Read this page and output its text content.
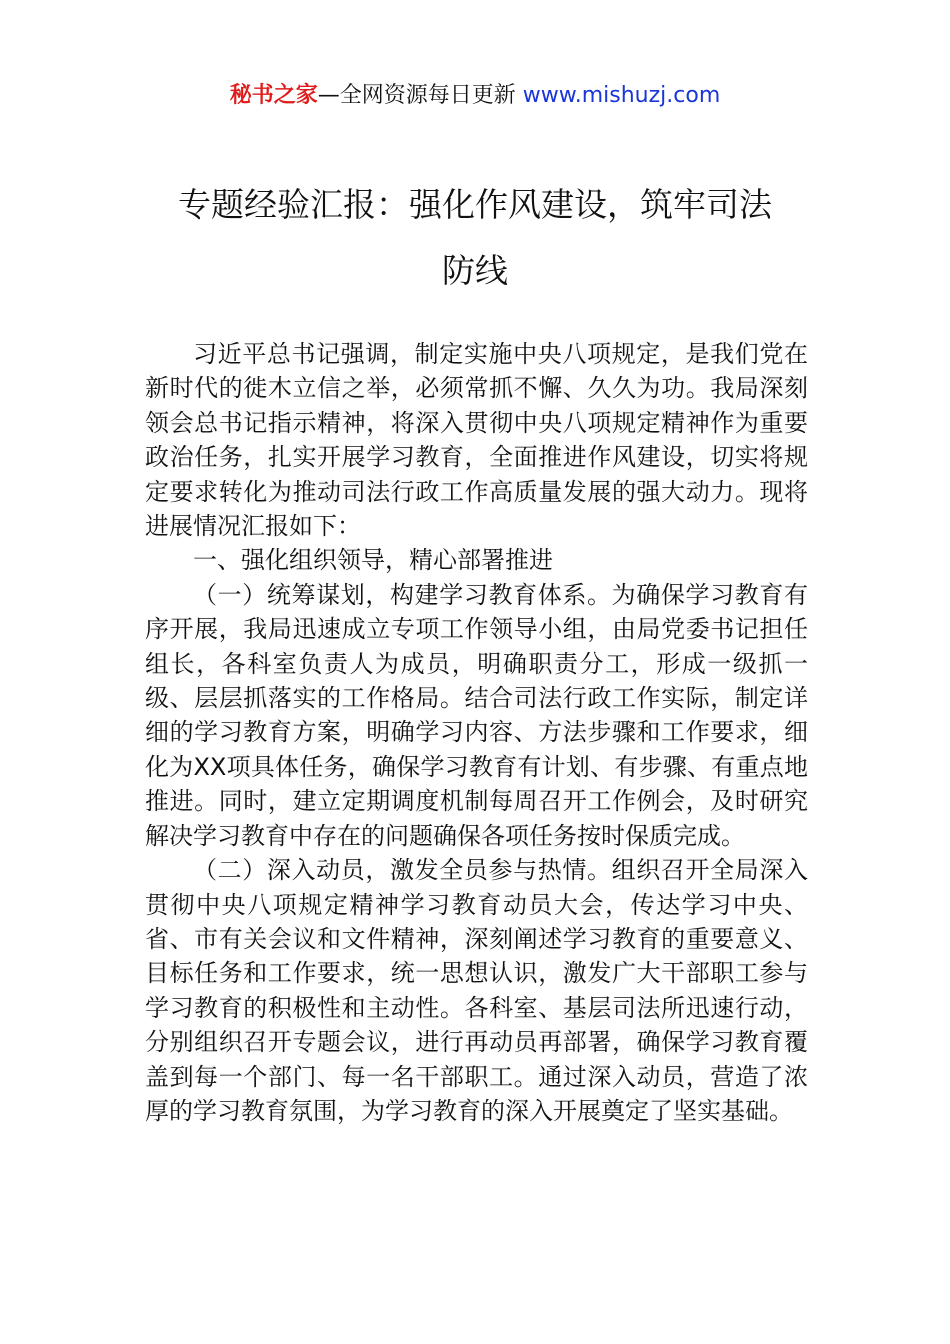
秘书之家—全网资源每日更新 www.mishuzj.com
专题经验汇报：强化作风建设，筑牢司法
防线

习近平总书记强调，制定实施中央八项规定，是我们党在新时代的徙木立信之举，必须常抓不懈、久久为功。我局深刻领会总书记指示精神，将深入贯彻中央八项规定精神作为重要政治任务，扎实开展学习教育，全面推进作风建设，切实将规定要求转化为推动司法行政工作高质量发展的强大动力。现将进展情况汇报如下：

一、强化组织领导，精心部署推进

（一）统筹谋划，构建学习教育体系。为确保学习教育有序开展，我局迅速成立专项工作领导小组，由局党委书记担任组长，各科室负责人为成员，明确职责分工，形成一级抓一级、层层抓落实的工作格局。结合司法行政工作实际，制定详细的学习教育方案，明确学习内容、方法步骤和工作要求，细化为XX项具体任务，确保学习教育有计划、有步骤、有重点地推进。同时，建立定期调度机制每周召开工作例会，及时研究解决学习教育中存在的问题确保各项任务按时保质完成。

（二）深入动员，激发全员参与热情。组织召开全局深入贯彻中央八项规定精神学习教育动员大会，传达学习中央、省、市有关会议和文件精神，深刻阐述学习教育的重要意义、目标任务和工作要求，统一思想认识，激发广大干部职工参与学习教育的积极性和主动性。各科室、基层司法所迅速行动，分别组织召开专题会议，进行再动员再部署，确保学习教育覆盖到每一个部门、每一名干部职工。通过深入动员，营造了浓厚的学习教育氛围，为学习教育的深入开展奠定了坚实基础。
